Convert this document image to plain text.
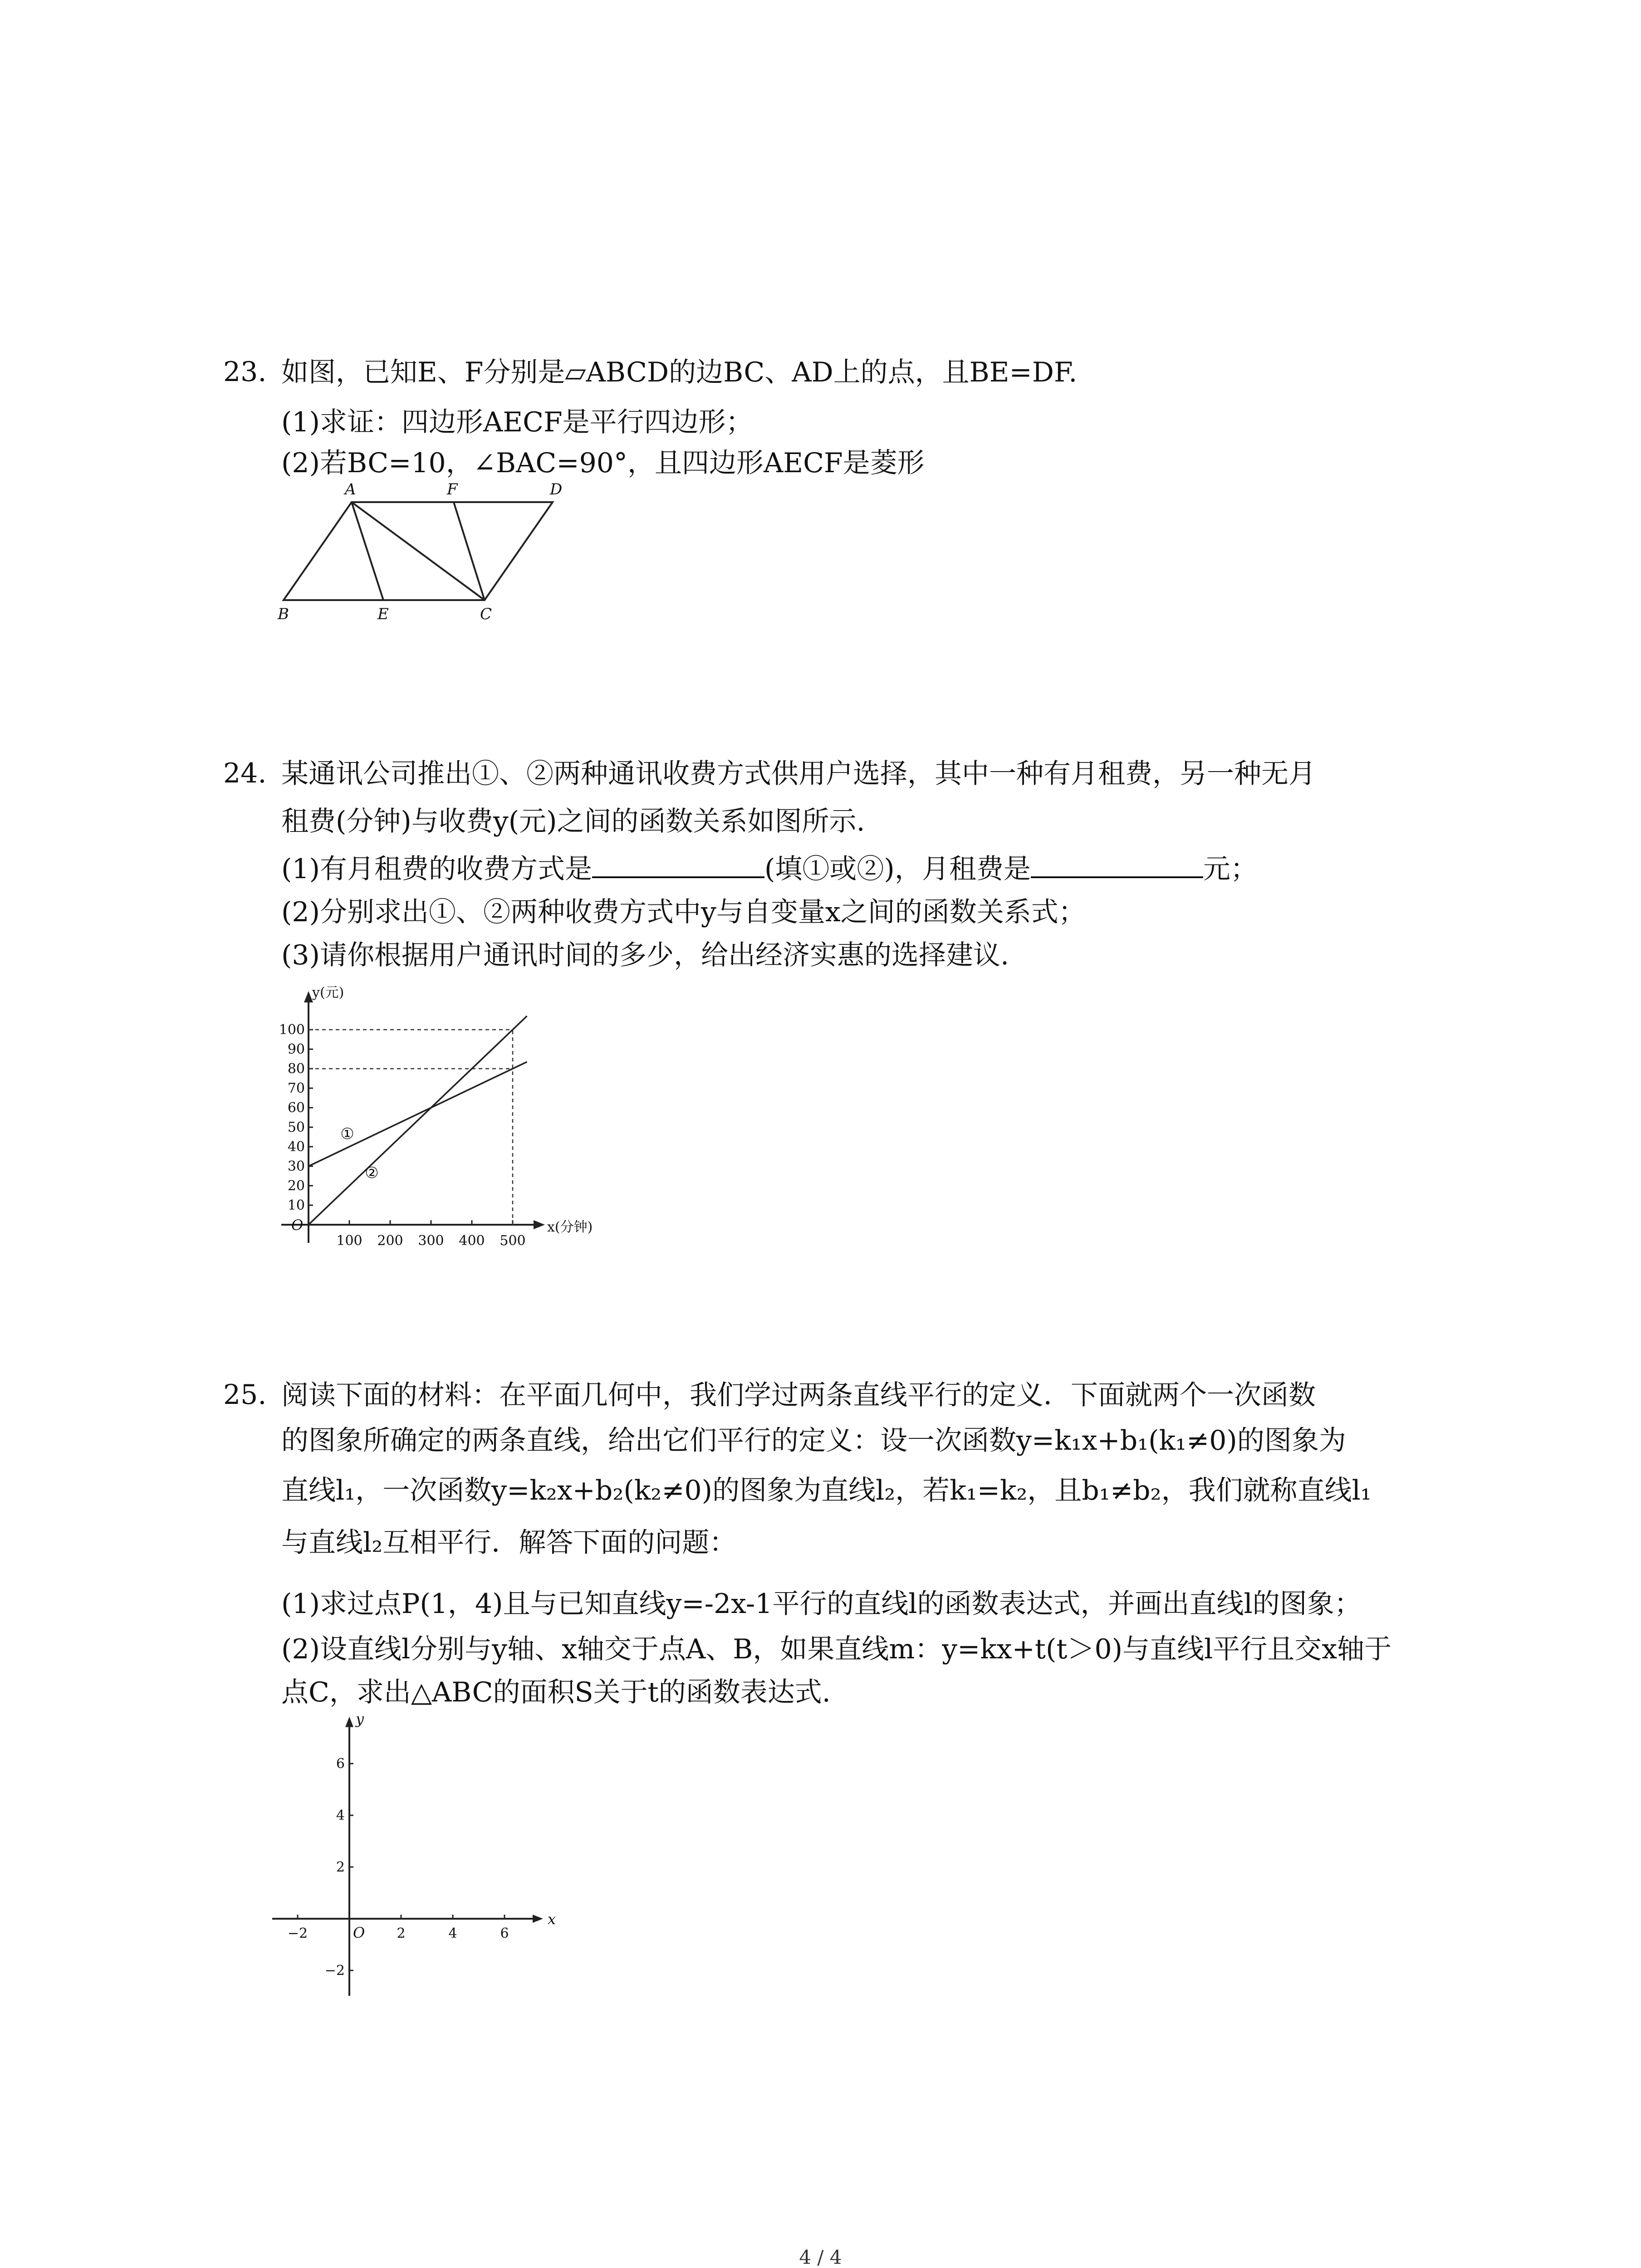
23. 如图，已知E、F分别是▱ABCD的边BC、AD上的点，且BE=DF.
(1)求证：四边形AECF是平行四边形；
(2)若BC=10，∠BAC=90°，且四边形AECF是菱形
A	F	D
B	E	C
24. 某通讯公司推出①、②两种通讯收费方式供用户选择，其中一种有月租费，另一种无月
租费(分钟)与收费y(元)之间的函数关系如图所示.
(1)有月租费的收费方式是	(填①或②)，月租费是	元；
(2)分别求出①、②两种收费方式中y与自变量x之间的函数关系式；
(3)请你根据用户通讯时间的多少，给出经济实惠的选择建议.
x(分钟)
y(元)
O
100 200 300 400 500
10
20
30
40
50
60
70
80
90
100
①
②
25. 阅读下面的材料：在平面几何中，我们学过两条直线平行的定义．下面就两个一次函数
的图象所确定的两条直线，给出它们平行的定义：设一次函数y=k₁x+b₁(k₁≠0)的图象为
直线l₁，一次函数y=k₂x+b₂(k₂≠0)的图象为直线l₂，若k₁=k₂，且b₁≠b₂，我们就称直线l₁
与直线l₂互相平行．解答下面的问题：
(1)求过点P(1，4)且与已知直线y=-2x-1平行的直线l的函数表达式，并画出直线l的图象；
(2)设直线l分别与y轴、x轴交于点A、B，如果直线m：y=kx+t(t＞0)与直线l平行且交x轴于
点C，求出△ABC的面积S关于t的函数表达式.
x
y
O
−2	2	4	6
6
4
2
−2
4 / 4
